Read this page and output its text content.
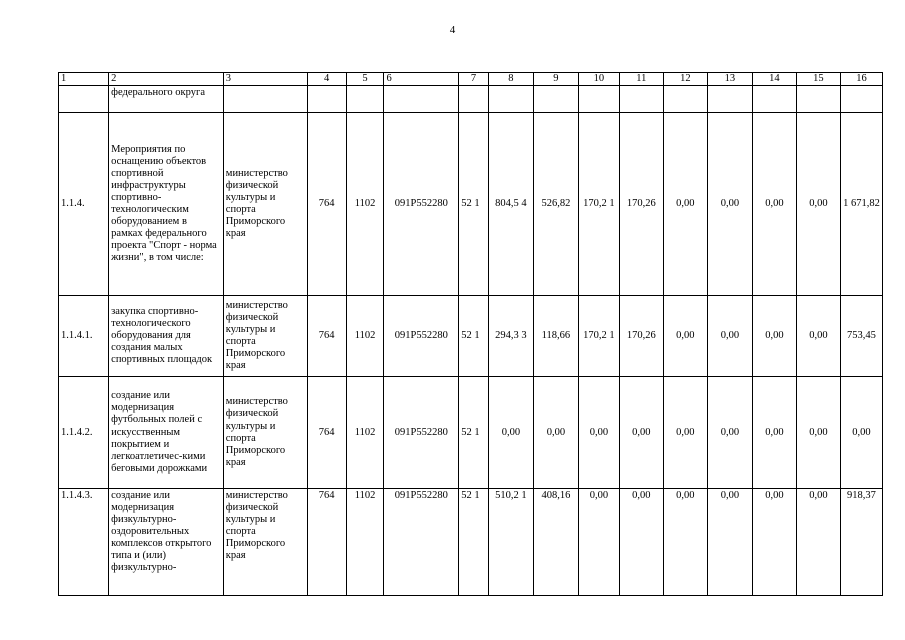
4
1	2	3	4	5	6	7	8	9	10	11	12	13	14	15	16
	федерального округа														
1.1.4.	Мероприятия по оснащению объектов спортивной инфраструктуры спортивно-технологическим оборудованием в рамках федерального проекта "Спорт - норма жизни", в том числе:	министерство физической культуры и спорта Приморского края	764	1102	091P552280	52 1	804,5 4	526,82	170,2 1	170,26	0,00	0,00	0,00	0,00	1 671,82
1.1.4.1.	закупка спортивно-технологического оборудования для создания малых спортивных площадок	министерство физической культуры и спорта Приморского края	764	1102	091P552280	52 1	294,3 3	118,66	170,2 1	170,26	0,00	0,00	0,00	0,00	753,45
1.1.4.2.	создание или модернизация футбольных полей с искусственным покрытием и легкоатлетичес-кими беговыми дорожками	министерство физической культуры и спорта Приморского края	764	1102	091P552280	52 1	0,00	0,00	0,00	0,00	0,00	0,00	0,00	0,00	0,00
1.1.4.3.	создание или модернизация физкультурно-оздоровительных комплексов открытого типа и (или) физкультурно-	министерство физической культуры и спорта Приморского края	764	1102	091P552280	52 1	510,2 1	408,16	0,00	0,00	0,00	0,00	0,00	0,00	918,37
